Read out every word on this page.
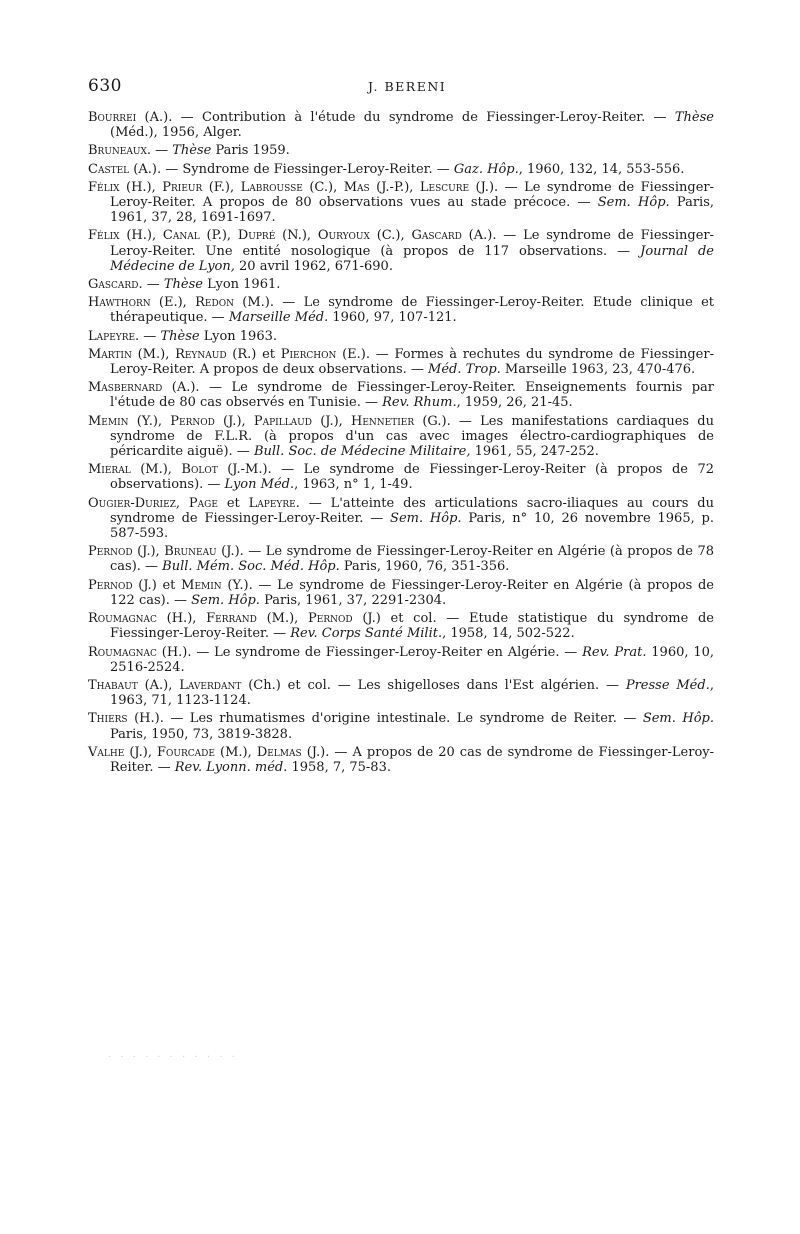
630	J. BERENI
Bourrei (A.). — Contribution à l'étude du syndrome de Fiessinger-Leroy-Reiter. — Thèse (Méd.), 1956, Alger.
Bruneaux. — Thèse Paris 1959.
Castel (A.). — Syndrome de Fiessinger-Leroy-Reiter. — Gaz. Hôp., 1960, 132, 14, 553-556.
Félix (H.), Prieur (F.), Labrousse (C.), Mas (J.-P.), Lescure (J.). — Le syndrome de Fiessinger-Leroy-Reiter. A propos de 80 observations vues au stade précoce. — Sem. Hôp. Paris, 1961, 37, 28, 1691-1697.
Félix (H.), Canal (P.), Dupré (N.), Ouryoux (C.), Gascard (A.). — Le syndrome de Fiessinger-Leroy-Reiter. Une entité nosologique (à propos de 117 observations. — Journal de Médecine de Lyon, 20 avril 1962, 671-690.
Gascard. — Thèse Lyon 1961.
Hawthorn (E.), Redon (M.). — Le syndrome de Fiessinger-Leroy-Reiter. Etude clinique et thérapeutique. — Marseille Méd. 1960, 97, 107-121.
Lapeyre. — Thèse Lyon 1963.
Martin (M.), Reynaud (R.) et Pierchon (E.). — Formes à rechutes du syndrome de Fiessinger-Leroy-Reiter. A propos de deux observations. — Méd. Trop. Marseille 1963, 23, 470-476.
Masbernard (A.). — Le syndrome de Fiessinger-Leroy-Reiter. Enseignements fournis par l'étude de 80 cas observés en Tunisie. — Rev. Rhum., 1959, 26, 21-45.
Memin (Y.), Pernod (J.), Papillaud (J.), Hennetier (G.). — Les manifestations cardiaques du syndrome de F.L.R. (à propos d'un cas avec images électro-cardiographiques de péricardite aiguë). — Bull. Soc. de Médecine Militaire, 1961, 55, 247-252.
Mieral (M.), Bolot (J.-M.). — Le syndrome de Fiessinger-Leroy-Reiter (à propos de 72 observations). — Lyon Méd., 1963, n° 1, 1-49.
Ougier-Duriez, Page et Lapeyre. — L'atteinte des articulations sacro-iliaques au cours du syndrome de Fiessinger-Leroy-Reiter. — Sem. Hôp. Paris, n° 10, 26 novembre 1965, p. 587-593.
Pernod (J.), Bruneau (J.). — Le syndrome de Fiessinger-Leroy-Reiter en Algérie (à propos de 78 cas). — Bull. Mém. Soc. Méd. Hôp. Paris, 1960, 76, 351-356.
Pernod (J.) et Memin (Y.). — Le syndrome de Fiessinger-Leroy-Reiter en Algérie (à propos de 122 cas). — Sem. Hôp. Paris, 1961, 37, 2291-2304.
Roumagnac (H.), Ferrand (M.), Pernod (J.) et col. — Etude statistique du syndrome de Fiessinger-Leroy-Reiter. — Rev. Corps Santé Milit., 1958, 14, 502-522.
Roumagnac (H.). — Le syndrome de Fiessinger-Leroy-Reiter en Algérie. — Rev. Prat. 1960, 10, 2516-2524.
Thabaut (A.), Laverdant (Ch.) et col. — Les shigelloses dans l'Est algérien. — Presse Méd., 1963, 71, 1123-1124.
Thiers (H.). — Les rhumatismes d'origine intestinale. Le syndrome de Reiter. — Sem. Hôp. Paris, 1950, 73, 3819-3828.
Valhe (J.), Fourcade (M.), Delmas (J.). — A propos de 20 cas de syndrome de Fiessinger-Leroy-Reiter. — Rev. Lyonn. méd. 1958, 7, 75-83.
· · · · · · · · · · ·
